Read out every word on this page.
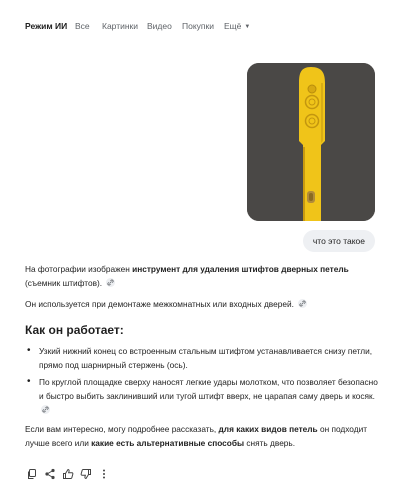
Режим ИИ Все Картинки Видео Покупки Ещё ▼
что это такое

На фотографии изображен инструмент для удаления штифтов дверных петель (съемник штифтов).

Он используется при демонтаже межкомнатных или входных дверей.

Как он работает:
• Узкий нижний конец со встроенным стальным штифтом устанавливается снизу петли, прямо под шарнирный стержень (ось).
• По круглой площадке сверху наносят легкие удары молотком, что позволяет безопасно и быстро выбить заклинивший или тугой штифт вверх, не царапая саму дверь и косяк.

Если вам интересно, могу подробнее рассказать, для каких видов петель он подходит лучше всего или какие есть альтернативные способы снять дверь.
